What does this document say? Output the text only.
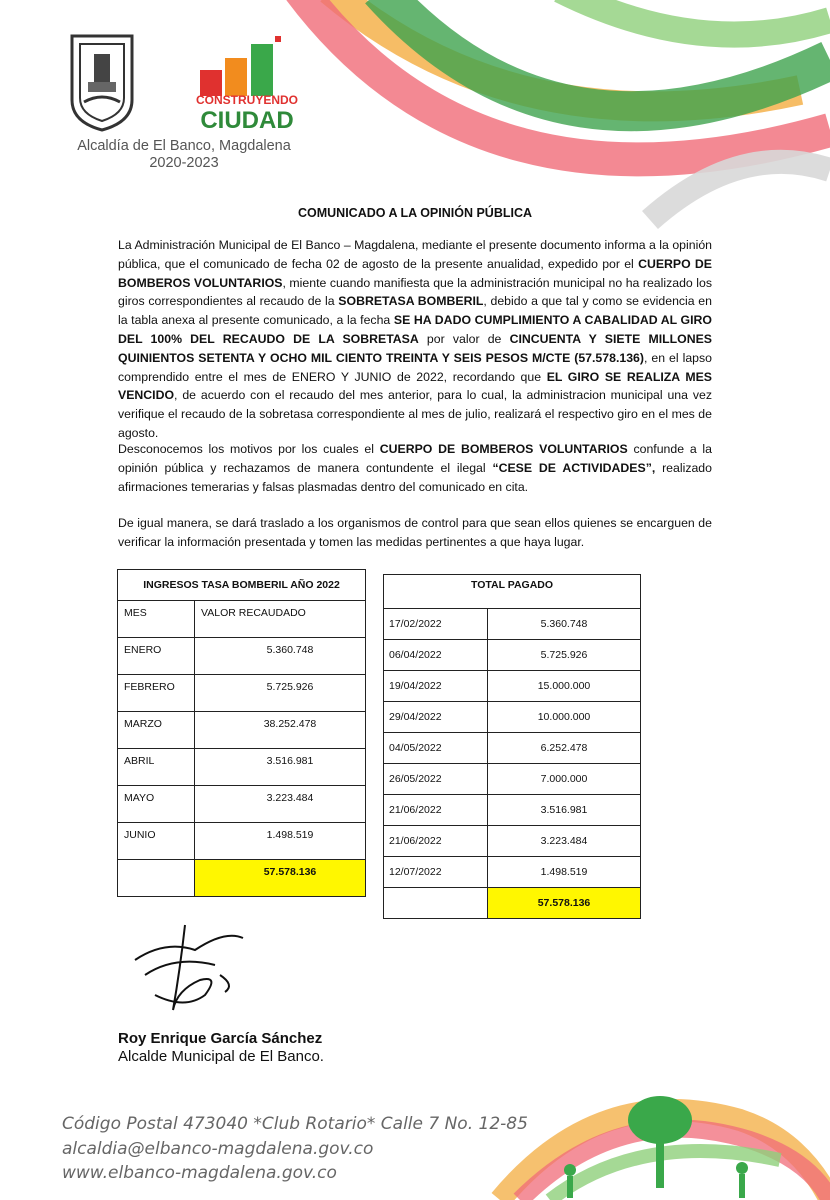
CONSTRUYENDO
CIUDAD
Alcaldía de El Banco, Magdalena
2020-2023
COMUNICADO A LA OPINIÓN PÚBLICA
La Administración Municipal de El Banco – Magdalena, mediante el presente documento informa a la opinión pública, que el comunicado de fecha 02 de agosto de la presente anualidad, expedido por el CUERPO DE BOMBEROS VOLUNTARIOS, miente cuando manifiesta que la administración municipal no ha realizado los giros correspondientes al recaudo de la SOBRETASA BOMBERIL, debido a que tal y como se evidencia en la tabla anexa al presente comunicado, a la fecha SE HA DADO CUMPLIMIENTO A CABALIDAD AL GIRO DEL 100% DEL RECAUDO DE LA SOBRETASA por valor de CINCUENTA Y SIETE MILLONES QUINIENTOS SETENTA Y OCHO MIL CIENTO TREINTA Y SEIS PESOS M/CTE (57.578.136), en el lapso comprendido entre el mes de ENERO Y JUNIO de 2022, recordando que EL GIRO SE REALIZA MES VENCIDO, de acuerdo con el recaudo del mes anterior, para lo cual, la administracion municipal una vez verifique el recaudo de la sobretasa correspondiente al mes de julio, realizará el respectivo giro en el mes de agosto.
Desconocemos los motivos por los cuales el CUERPO DE BOMBEROS VOLUNTARIOS confunde a la opinión pública y rechazamos de manera contundente el ilegal “CESE DE ACTIVIDADES”, realizado afirmaciones temerarias y falsas plasmadas dentro del comunicado en cita.
De igual manera, se dará traslado a los organismos de control para que sean ellos quienes se encarguen de verificar la información presentada y tomen las medidas pertinentes a que haya lugar.
INGRESOS TASA BOMBERIL AÑO 2022	
MES	VALOR RECAUDADO
ENERO	5.360.748
FEBRERO	5.725.926
MARZO	38.252.478
ABRIL	3.516.981
MAYO	3.223.484
JUNIO	1.498.519
	57.578.136
TOTAL PAGADO	
17/02/2022	5.360.748
06/04/2022	5.725.926
19/04/2022	15.000.000
29/04/2022	10.000.000
04/05/2022	6.252.478
26/05/2022	7.000.000
21/06/2022	3.516.981
21/06/2022	3.223.484
12/07/2022	1.498.519
	57.578.136
Roy Enrique García Sánchez
Alcalde Municipal de El Banco.
Código Postal 473040 *Club Rotario* Calle 7 No. 12-85
alcaldia@elbanco-magdalena.gov.co
www.elbanco-magdalena.gov.co
